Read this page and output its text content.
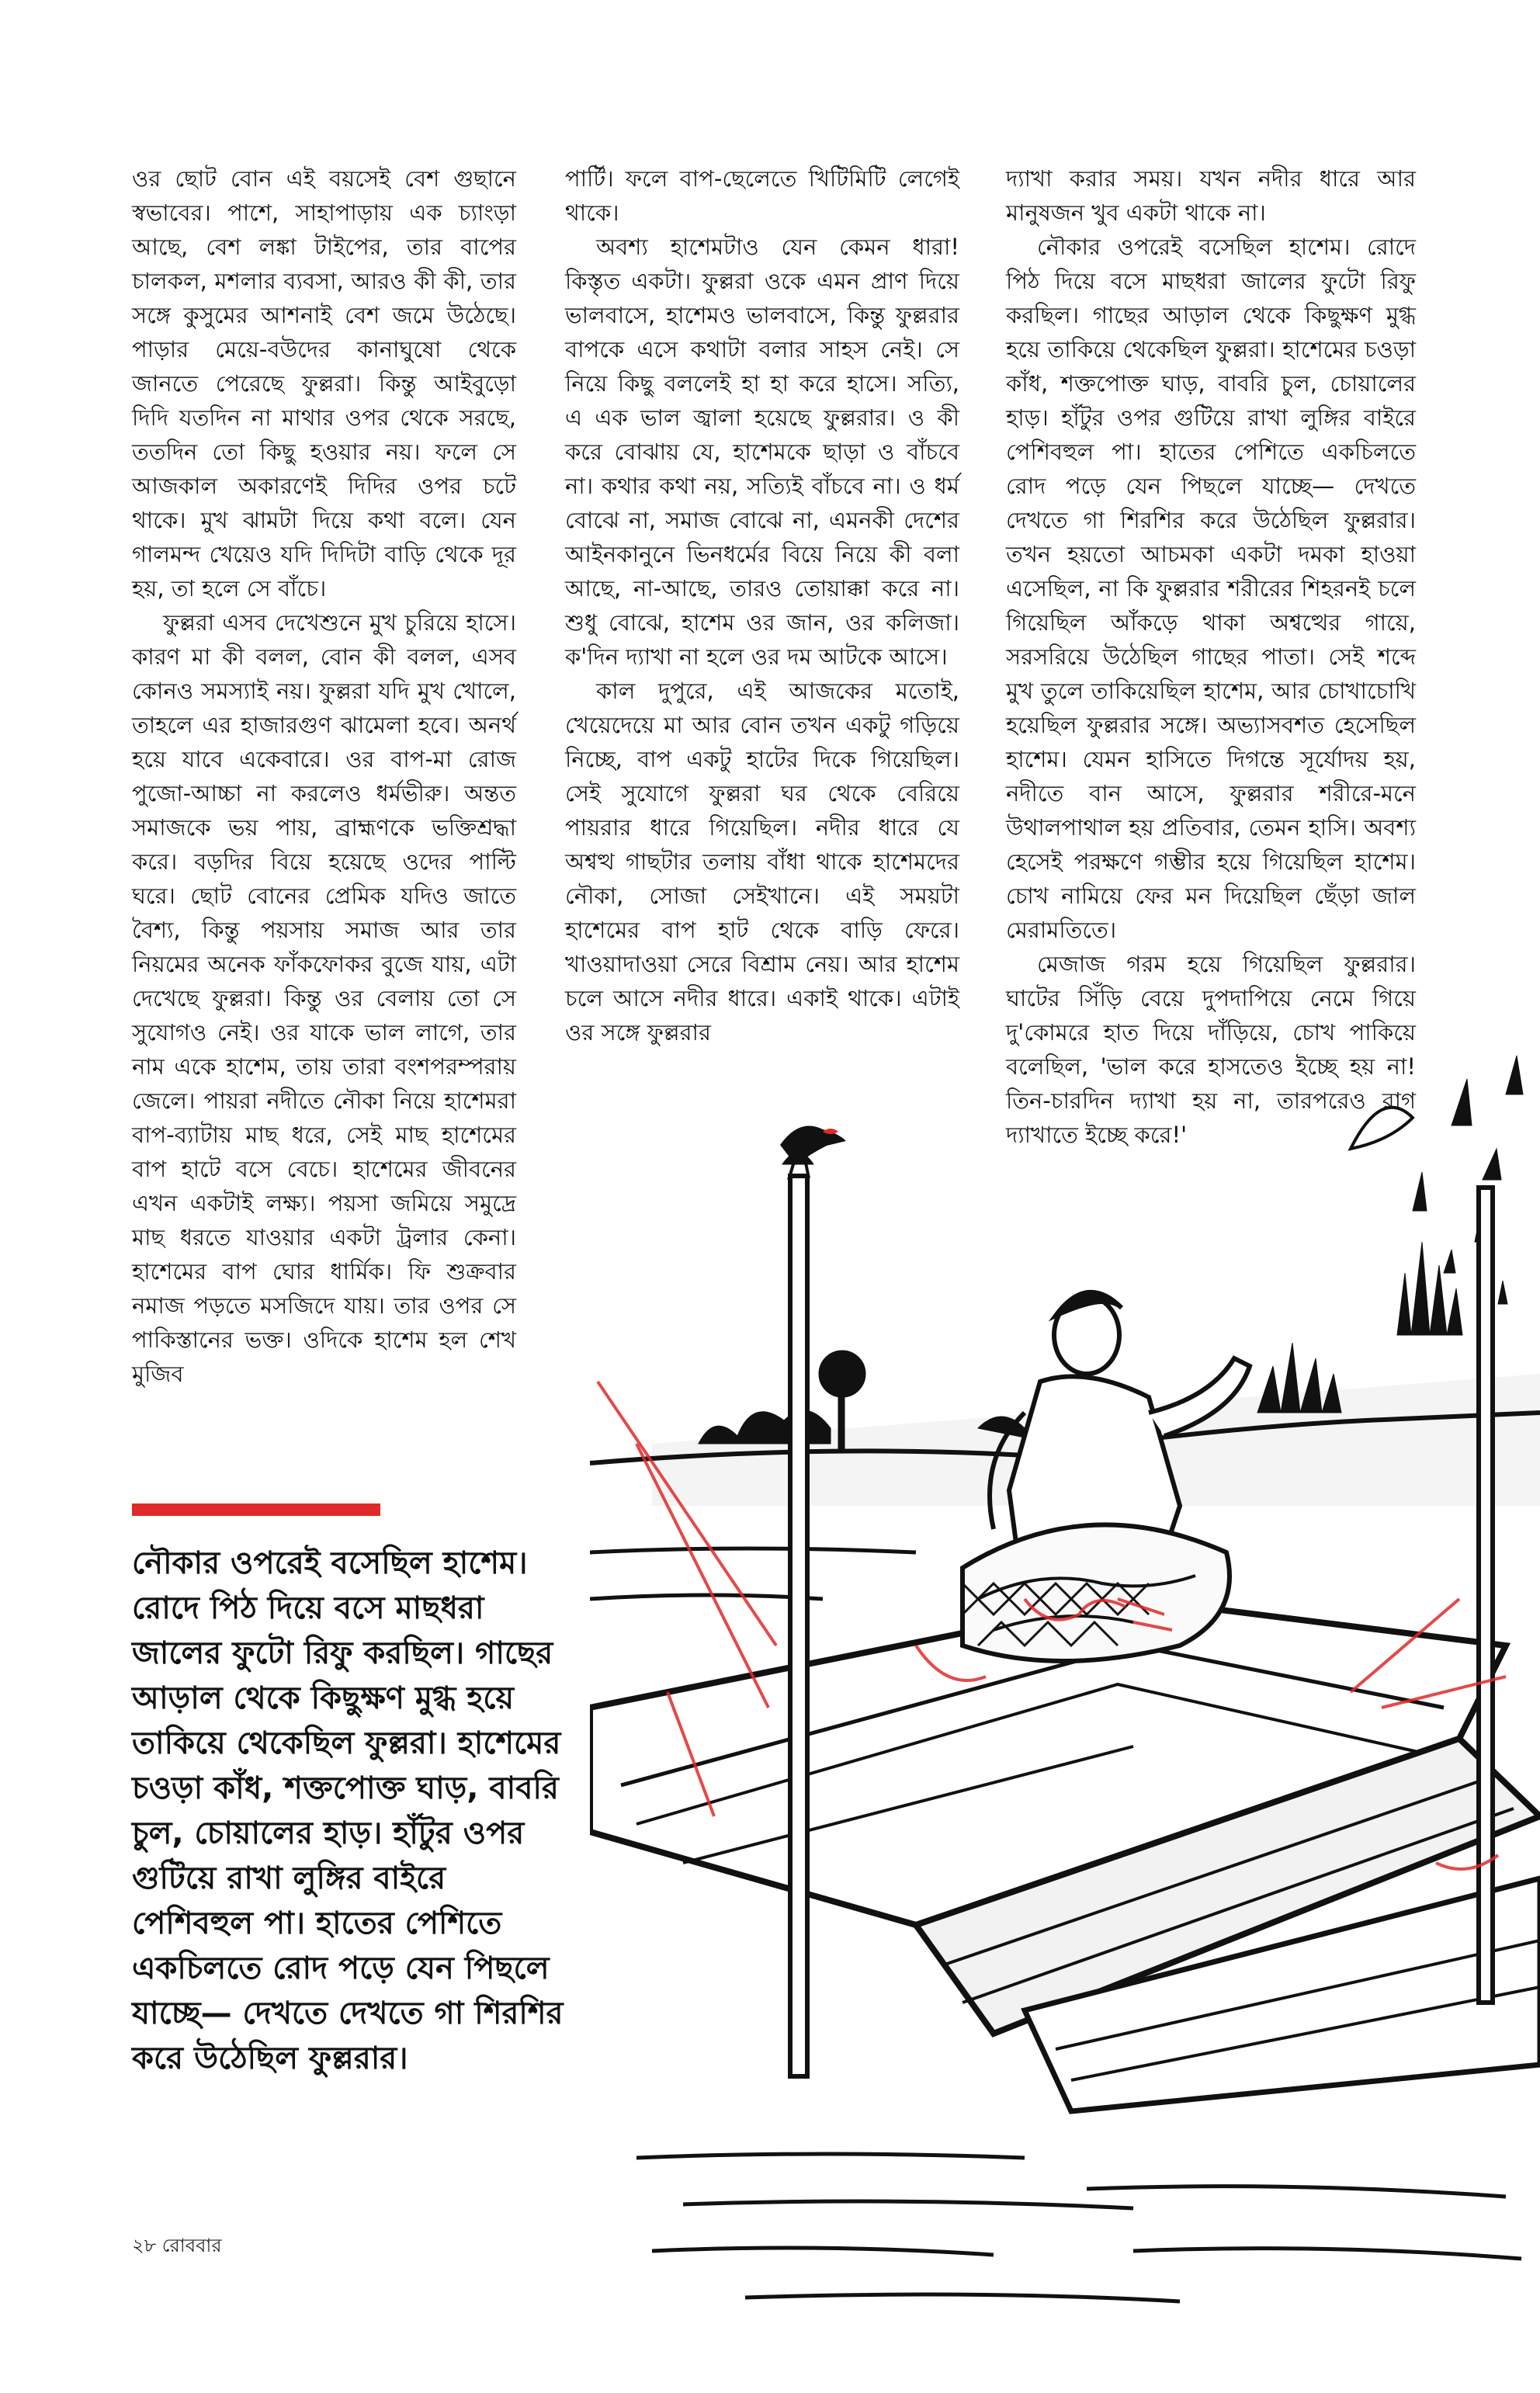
ওর ছোট বোন এই বয়সেই বেশ গুছানে স্বভাবের। পাশে, সাহাপাড়ায় এক চ্যাংড়া আছে, বেশ লঙ্কা টাইপের, তার বাপের চালকল, মশলার ব্যবসা, আরও কী কী, তার সঙ্গে কুসুমের আশনাই বেশ জমে উঠেছে। পাড়ার মেয়ে-বউদের কানাঘুষো থেকে জানতে পেরেছে ফুল্লরা। কিন্তু আইবুড়ো দিদি যতদিন না মাথার ওপর থেকে সরছে, ততদিন তো কিছু হওয়ার নয়। ফলে সে আজকাল অকারণেই দিদির ওপর চটে থাকে। মুখ ঝামটা দিয়ে কথা বলে। যেন গালমন্দ খেয়েও যদি দিদিটা বাড়ি থেকে দূর হয়, তা হলে সে বাঁচে।

ফুল্লরা এসব দেখেশুনে মুখ চুরিয়ে হাসে। কারণ মা কী বলল, বোন কী বলল, এসব কোনও সমস্যাই নয়। ফুল্লরা যদি মুখ খোলে, তাহলে এর হাজারগুণ ঝামেলা হবে। অনর্থ হয়ে যাবে একেবারে। ওর বাপ-মা রোজ পুজো-আচ্চা না করলেও ধর্মভীরু। অন্তত সমাজকে ভয় পায়, ব্রাহ্মণকে ভক্তিশ্রদ্ধা করে। বড়দির বিয়ে হয়েছে ওদের পাল্টি ঘরে। ছোট বোনের প্রেমিক যদিও জাতে বৈশ্য, কিন্তু পয়সায় সমাজ আর তার নিয়মের অনেক ফাঁকফোকর বুজে যায়, এটা দেখেছে ফুল্লরা। কিন্তু ওর বেলায় তো সে সুযোগও নেই। ওর যাকে ভাল লাগে, তার নাম একে হাশেম, তায় তারা বংশপরম্পরায় জেলে। পায়রা নদীতে নৌকা নিয়ে হাশেমরা বাপ-ব্যাটায় মাছ ধরে, সেই মাছ হাশেমের বাপ হাটে বসে বেচে। হাশেমের জীবনের এখন একটাই লক্ষ্য। পয়সা জমিয়ে সমুদ্রে মাছ ধরতে যাওয়ার একটা ট্রলার কেনা। হাশেমের বাপ ঘোর ধার্মিক। ফি শুক্রবার নমাজ পড়তে মসজিদে যায়। তার ওপর সে পাকিস্তানের ভক্ত। ওদিকে হাশেম হল শেখ মুজিব

পার্টি। ফলে বাপ-ছেলেতে খিটিমিটি লেগেই থাকে।

অবশ্য হাশেমটাও যেন কেমন ধারা! কিস্তৃত একটা। ফুল্লরা ওকে এমন প্রাণ দিয়ে ভালবাসে, হাশেমও ভালবাসে, কিন্তু ফুল্লরার বাপকে এসে কথাটা বলার সাহস নেই। সে নিয়ে কিছু বললেই হা হা করে হাসে। সত্যি, এ এক ভাল জ্বালা হয়েছে ফুল্লরার। ও কী করে বোঝায় যে, হাশেমকে ছাড়া ও বাঁচবে না। কথার কথা নয়, সত্যিই বাঁচবে না। ও ধর্ম বোঝে না, সমাজ বোঝে না, এমনকী দেশের আইনকানুনে ভিনধর্মের বিয়ে নিয়ে কী বলা আছে, না-আছে, তারও তোয়াক্কা করে না। শুধু বোঝে, হাশেম ওর জান, ওর কলিজা। ক'দিন দ্যাখা না হলে ওর দম আটকে আসে।

কাল দুপুরে, এই আজকের মতোই, খেয়েদেয়ে মা আর বোন তখন একটু গড়িয়ে নিচ্ছে, বাপ একটু হাটের দিকে গিয়েছিল। সেই সুযোগে ফুল্লরা ঘর থেকে বেরিয়ে পায়রার ধারে গিয়েছিল। নদীর ধারে যে অশ্বত্থ গাছটার তলায় বাঁধা থাকে হাশেমদের নৌকা, সোজা সেইখানে। এই সময়টা হাশেমের বাপ হাট থেকে বাড়ি ফেরে। খাওয়াদাওয়া সেরে বিশ্রাম নেয়। আর হাশেম চলে আসে নদীর ধারে। একাই থাকে। এটাই ওর সঙ্গে ফুল্লরার

দ্যাখা করার সময়। যখন নদীর ধারে আর মানুষজন খুব একটা থাকে না।

নৌকার ওপরেই বসেছিল হাশেম। রোদে পিঠ দিয়ে বসে মাছধরা জালের ফুটো রিফু করছিল। গাছের আড়াল থেকে কিছুক্ষণ মুগ্ধ হয়ে তাকিয়ে থেকেছিল ফুল্লরা। হাশেমের চওড়া কাঁধ, শক্তপোক্ত ঘাড়, বাবরি চুল, চোয়ালের হাড়। হাঁটুর ওপর গুটিয়ে রাখা লুঙ্গির বাইরে পেশিবহুল পা। হাতের পেশিতে একচিলতে রোদ পড়ে যেন পিছলে যাচ্ছে— দেখতে দেখতে গা শিরশির করে উঠেছিল ফুল্লরার। তখন হয়তো আচমকা একটা দমকা হাওয়া এসেছিল, না কি ফুল্লরার শরীরের শিহরনই চলে গিয়েছিল আঁকড়ে থাকা অশ্বত্থের গায়ে, সরসরিয়ে উঠেছিল গাছের পাতা। সেই শব্দে মুখ তুলে তাকিয়েছিল হাশেম, আর চোখাচোখি হয়েছিল ফুল্লরার সঙ্গে। অভ্যাসবশত হেসেছিল হাশেম। যেমন হাসিতে দিগন্তে সূর্যোদয় হয়, নদীতে বান আসে, ফুল্লরার শরীরে-মনে উথালপাথাল হয় প্রতিবার, তেমন হাসি। অবশ্য হেসেই পরক্ষণে গম্ভীর হয়ে গিয়েছিল হাশেম। চোখ নামিয়ে ফের মন দিয়েছিল ছেঁড়া জাল মেরামতিতে।

মেজাজ গরম হয়ে গিয়েছিল ফুল্লরার। ঘাটের সিঁড়ি বেয়ে দুপদাপিয়ে নেমে গিয়ে দু'কোমরে হাত দিয়ে দাঁড়িয়ে, চোখ পাকিয়ে বলেছিল, 'ভাল করে হাসতেও ইচ্ছে হয় না! তিন-চারদিন দ্যাখা হয় না, তারপরেও রাগ দ্যাখাতে ইচ্ছে করে!'

নৌকার ওপরেই বসেছিল হাশেম। রোদে পিঠ দিয়ে বসে মাছধরা জালের ফুটো রিফু করছিল। গাছের আড়াল থেকে কিছুক্ষণ মুগ্ধ হয়ে তাকিয়ে থেকেছিল ফুল্লরা। হাশেমের চওড়া কাঁধ, শক্তপোক্ত ঘাড়, বাবরি চুল, চোয়ালের হাড়। হাঁটুর ওপর গুটিয়ে রাখা লুঙ্গির বাইরে পেশিবহুল পা। হাতের পেশিতে একচিলতে রোদ পড়ে যেন পিছলে যাচ্ছে— দেখতে দেখতে গা শিরশির করে উঠেছিল ফুল্লরার।
২৮ রোববার
